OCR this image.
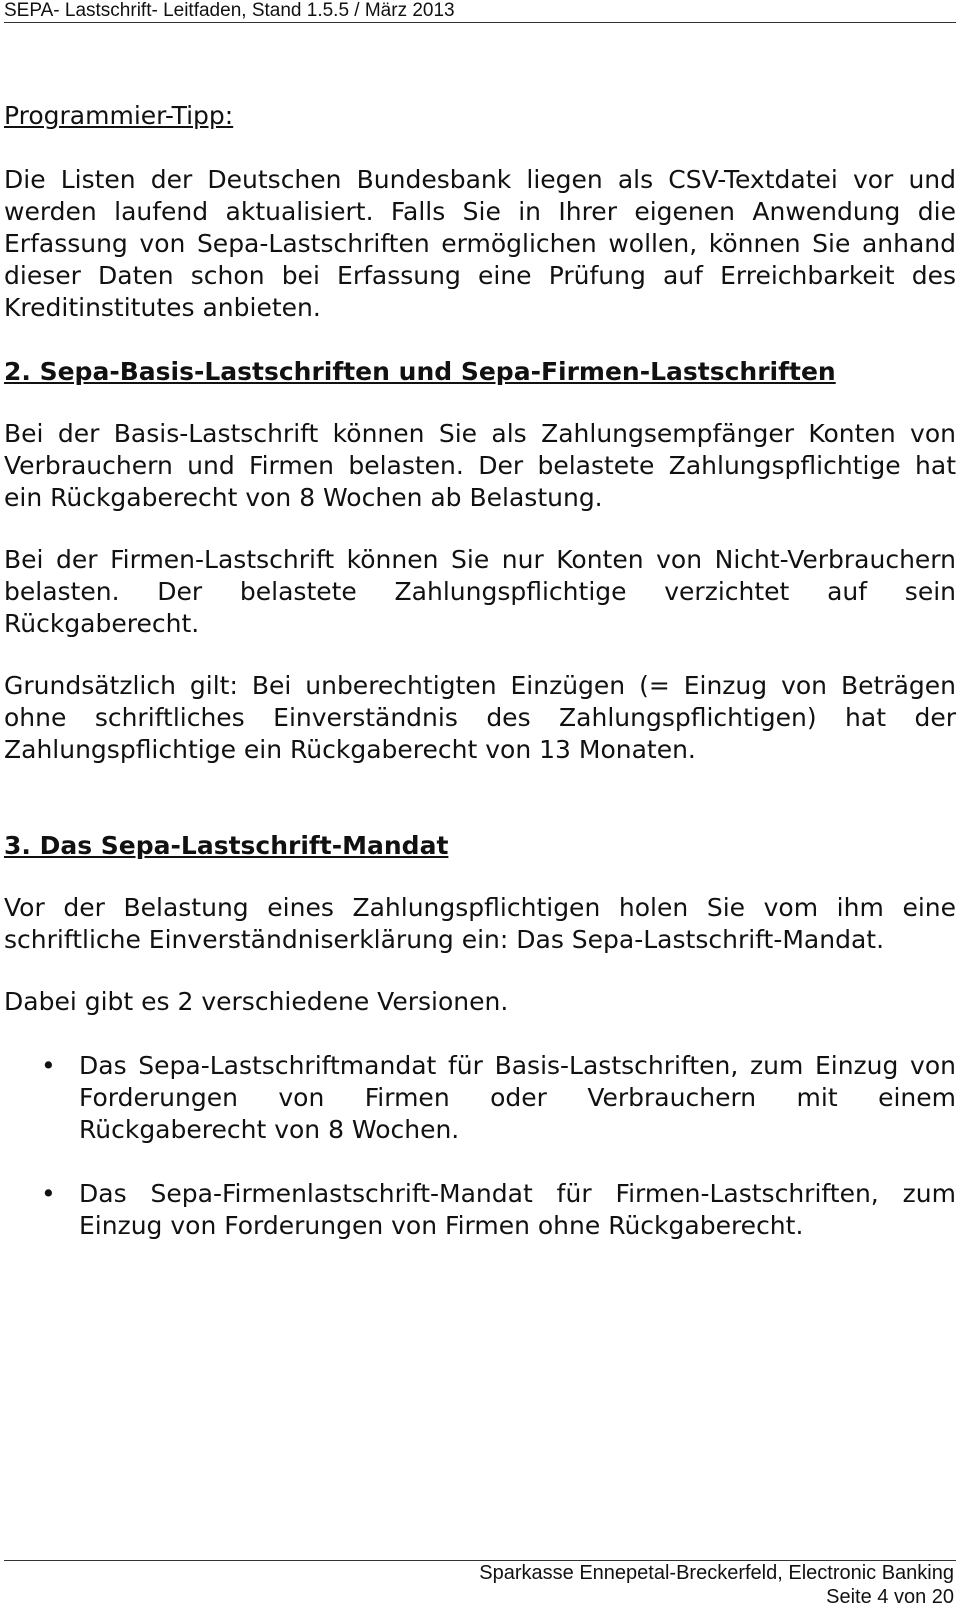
SEPA- Lastschrift- Leitfaden, Stand 1.5.5 / März 2013

Programmier-Tipp:

Die Listen der Deutschen Bundesbank liegen als CSV-Textdatei vor und werden laufend aktualisiert. Falls Sie in Ihrer eigenen Anwendung die Erfassung von Sepa-Lastschriften ermöglichen wollen, können Sie anhand dieser Daten schon bei Erfassung eine Prüfung auf Erreichbarkeit des Kreditinstitutes anbieten.

2. Sepa-Basis-Lastschriften und Sepa-Firmen-Lastschriften

Bei der Basis-Lastschrift können Sie als Zahlungsempfänger Konten von Verbrauchern und Firmen belasten. Der belastete Zahlungspflichtige hat ein Rückgaberecht von 8 Wochen ab Belastung.

Bei der Firmen-Lastschrift können Sie nur Konten von Nicht-Verbrauchern belasten. Der belastete Zahlungspflichtige verzichtet auf sein Rückgaberecht.

Grundsätzlich gilt: Bei unberechtigten Einzügen (= Einzug von Beträgen ohne schriftliches Einverständnis des Zahlungspflichtigen) hat der Zahlungspflichtige ein Rückgaberecht von 13 Monaten.

3. Das Sepa-Lastschrift-Mandat

Vor der Belastung eines Zahlungspflichtigen holen Sie vom ihm eine schriftliche Einverständniserklärung ein: Das Sepa-Lastschrift-Mandat.

Dabei gibt es 2 verschiedene Versionen.

• Das Sepa-Lastschriftmandat für Basis-Lastschriften, zum Einzug von Forderungen von Firmen oder Verbrauchern mit einem Rückgaberecht von 8 Wochen.
• Das Sepa-Firmenlastschrift-Mandat für Firmen-Lastschriften, zum Einzug von Forderungen von Firmen ohne Rückgaberecht.
Sparkasse Ennepetal-Breckerfeld, Electronic Banking
Seite 4 von 20
